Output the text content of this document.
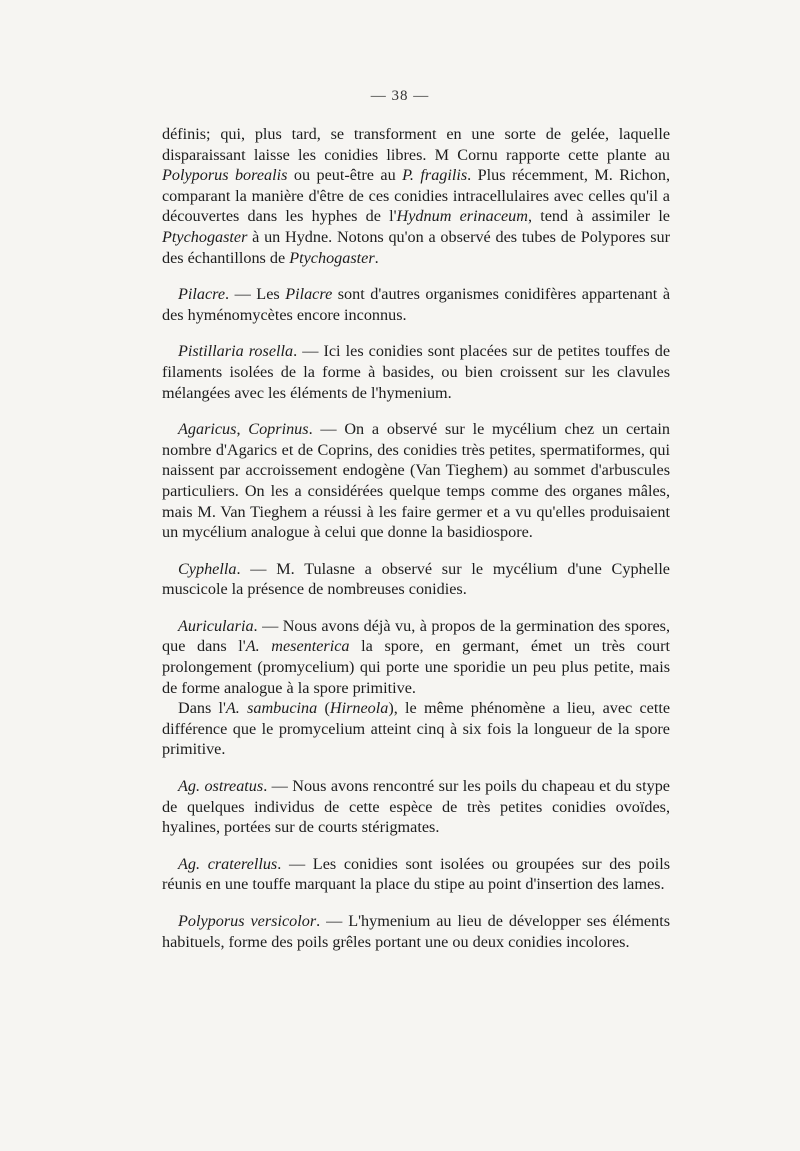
— 38 —

définis; qui, plus tard, se transforment en une sorte de gelée, laquelle disparaissant laisse les conidies libres. M Cornu rapporte cette plante au Polyporus borealis ou peut-être au P. fragilis. Plus récemment, M. Richon, comparant la manière d'être de ces conidies intracellulaires avec celles qu'il a découvertes dans les hyphes de l'Hydnum erinaceum, tend à assimiler le Ptychogaster à un Hydne. Notons qu'on a observé des tubes de Polypores sur des échantillons de Ptychogaster.

Pilacre. — Les Pilacre sont d'autres organismes conidifères appartenant à des hyménomycètes encore inconnus.

Pistillaria rosella. — Ici les conidies sont placées sur de petites touffes de filaments isolées de la forme à basides, ou bien croissent sur les clavules mélangées avec les éléments de l'hymenium.

Agaricus, Coprinus. — On a observé sur le mycélium chez un certain nombre d'Agarics et de Coprins, des conidies très petites, spermatiformes, qui naissent par accroissement endogène (Van Tieghem) au sommet d'arbuscules particuliers. On les a considérées quelque temps comme des organes mâles, mais M. Van Tieghem a réussi à les faire germer et a vu qu'elles produisaient un mycélium analogue à celui que donne la basidiospore.

Cyphella. — M. Tulasne a observé sur le mycélium d'une Cyphelle muscicole la présence de nombreuses conidies.

Auricularia. — Nous avons déjà vu, à propos de la germination des spores, que dans l'A. mesenterica la spore, en germant, émet un très court prolongement (promycelium) qui porte une sporidie un peu plus petite, mais de forme analogue à la spore primitive.

Dans l'A. sambucina (Hirneola), le même phénomène a lieu, avec cette différence que le promycelium atteint cinq à six fois la longueur de la spore primitive.

Ag. ostreatus. — Nous avons rencontré sur les poils du chapeau et du stype de quelques individus de cette espèce de très petites conidies ovoïdes, hyalines, portées sur de courts stérigmates.

Ag. craterellus. — Les conidies sont isolées ou groupées sur des poils réunis en une touffe marquant la place du stipe au point d'insertion des lames.

Polyporus versicolor. — L'hymenium au lieu de développer ses éléments habituels, forme des poils grêles portant une ou deux conidies incolores.
